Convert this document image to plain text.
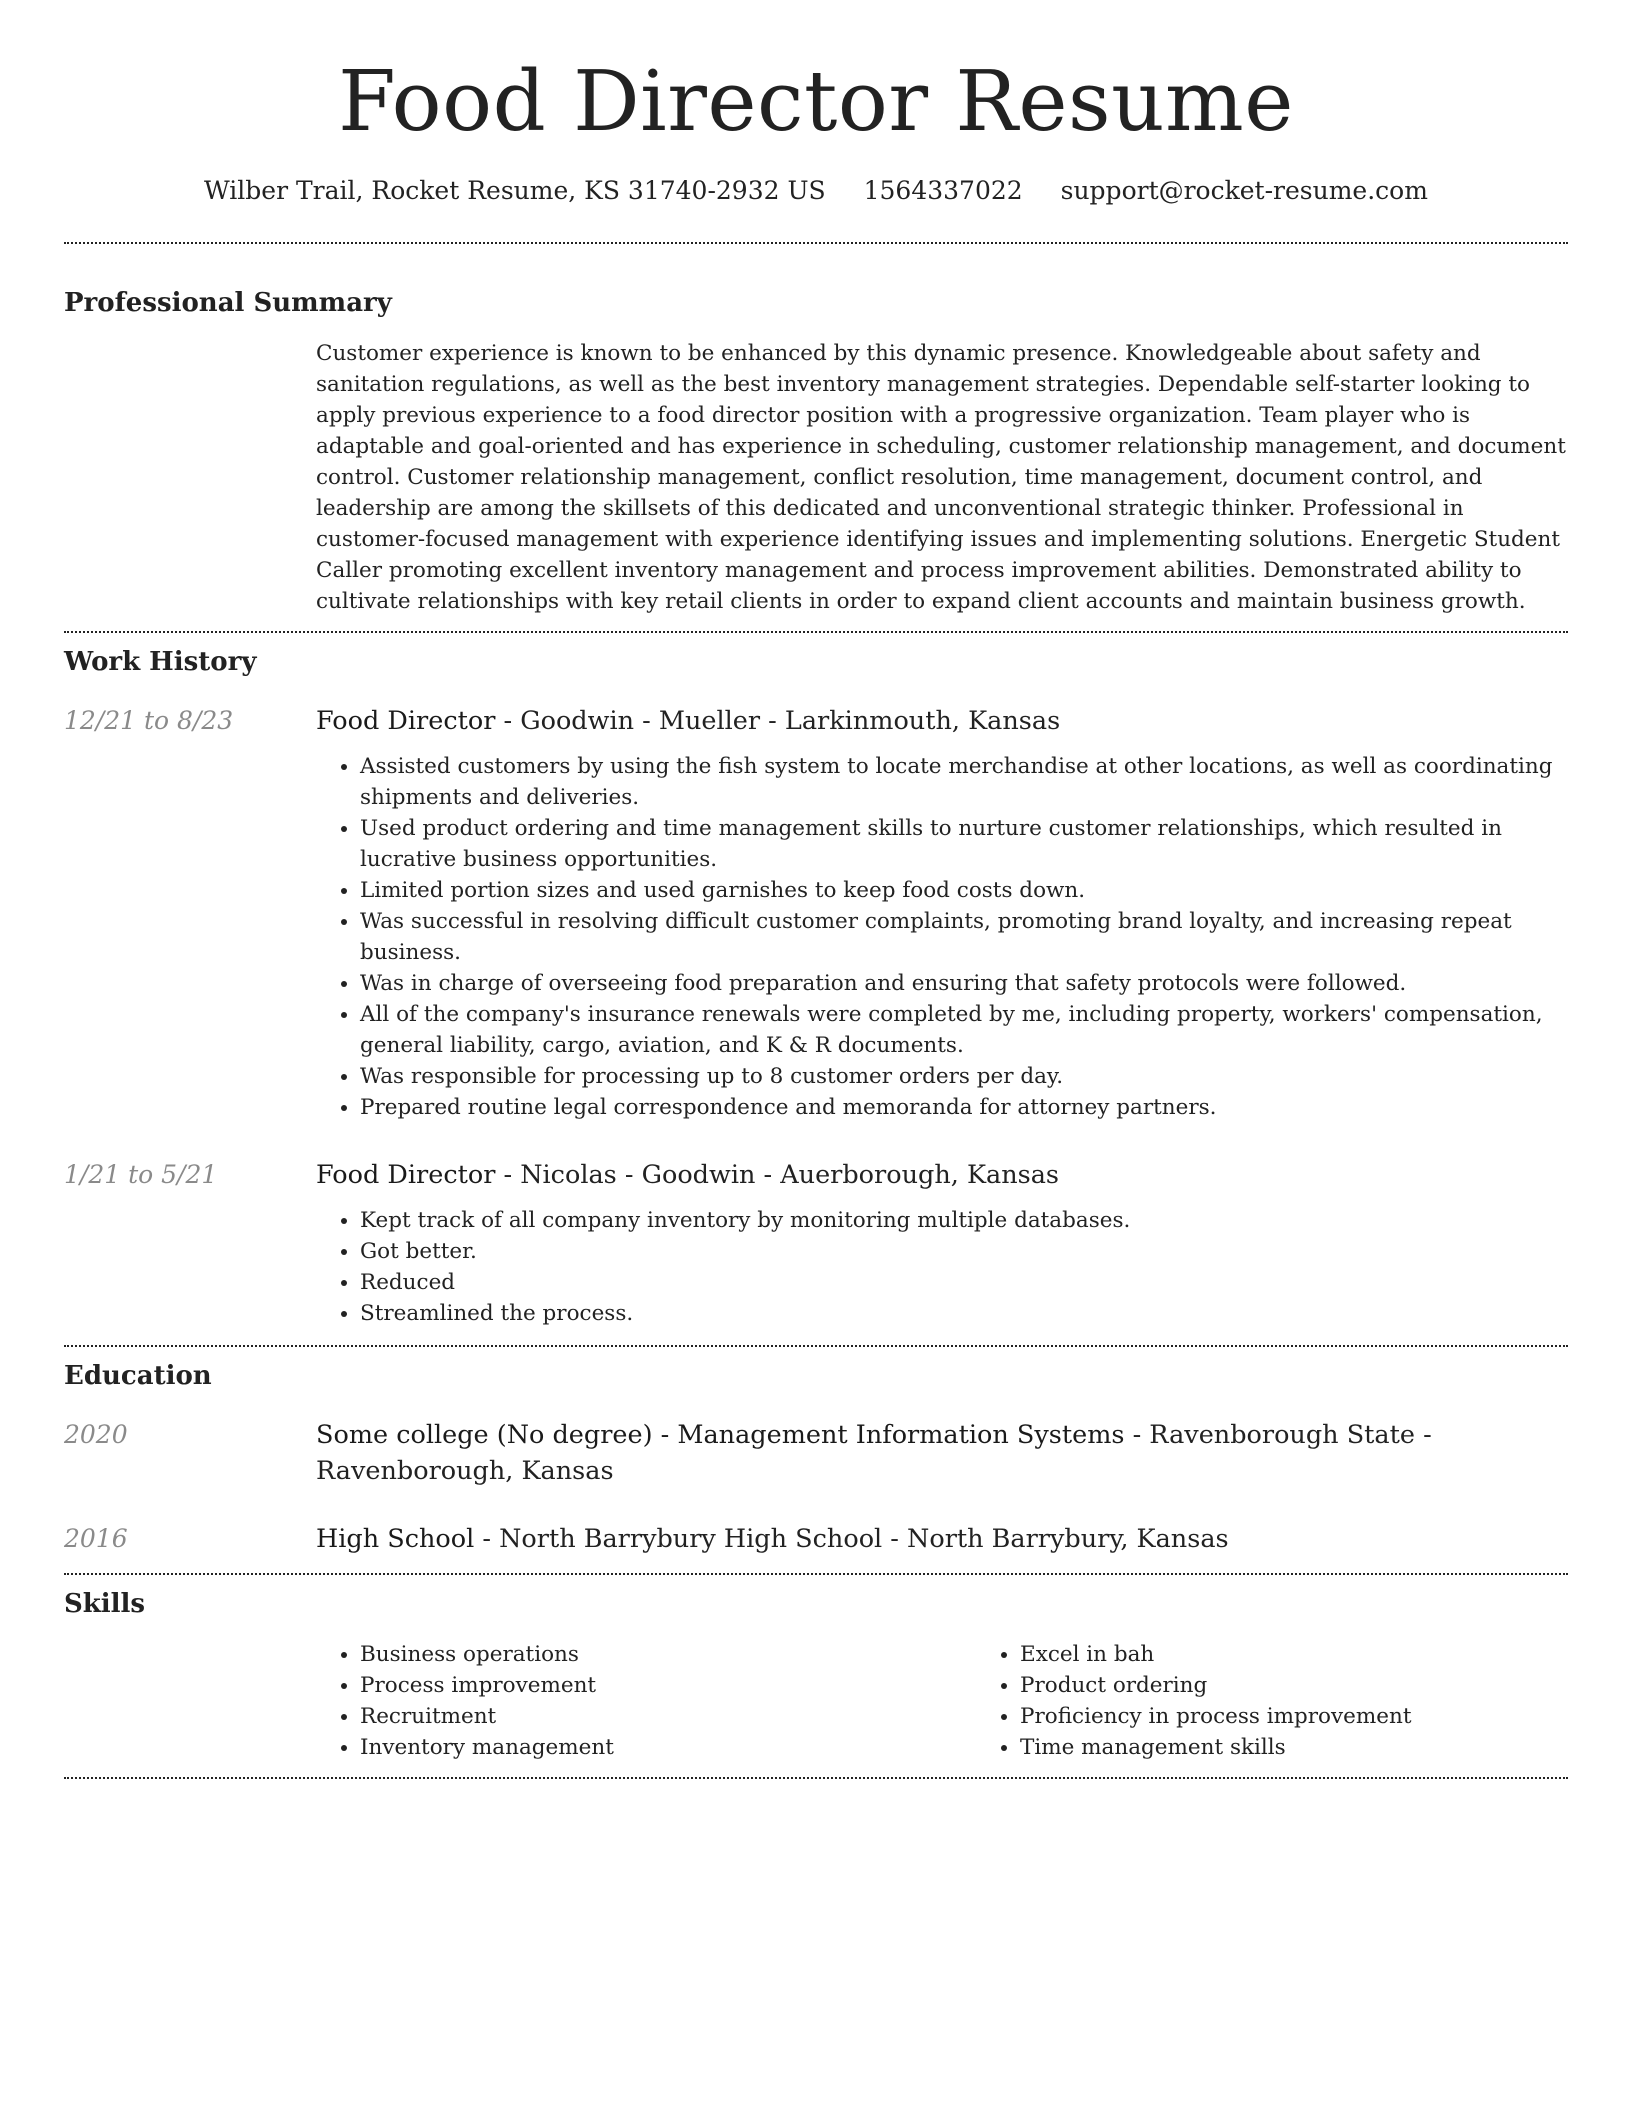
Food Director Resume
Wilber Trail, Rocket Resume, KS 31740-2932 US 1564337022 support@rocket-resume.com
Professional Summary
Customer experience is known to be enhanced by this dynamic presence. Knowledgeable about safety and sanitation regulations, as well as the best inventory management strategies. Dependable self-starter looking to apply previous experience to a food director position with a progressive organization. Team player who is adaptable and goal-oriented and has experience in scheduling, customer relationship management, and document control. Customer relationship management, conflict resolution, time management, document control, and leadership are among the skillsets of this dedicated and unconventional strategic thinker. Professional in customer-focused management with experience identifying issues and implementing solutions. Energetic Student Caller promoting excellent inventory management and process improvement abilities. Demonstrated ability to cultivate relationships with key retail clients in order to expand client accounts and maintain business growth.
Work History
12/21 to 8/23	Food Director - Goodwin - Mueller - Larkinmouth, Kansas
• Assisted customers by using the fish system to locate merchandise at other locations, as well as coordinating shipments and deliveries.
• Used product ordering and time management skills to nurture customer relationships, which resulted in lucrative business opportunities.
• Limited portion sizes and used garnishes to keep food costs down.
• Was successful in resolving difficult customer complaints, promoting brand loyalty, and increasing repeat business.
• Was in charge of overseeing food preparation and ensuring that safety protocols were followed.
• All of the company's insurance renewals were completed by me, including property, workers' compensation, general liability, cargo, aviation, and K & R documents.
• Was responsible for processing up to 8 customer orders per day.
• Prepared routine legal correspondence and memoranda for attorney partners.
1/21 to 5/21	Food Director - Nicolas - Goodwin - Auerborough, Kansas
• Kept track of all company inventory by monitoring multiple databases.
• Got better.
• Reduced
• Streamlined the process.
Education
2020	Some college (No degree) - Management Information Systems - Ravenborough State - Ravenborough, Kansas
2016	High School - North Barrybury High School - North Barrybury, Kansas
Skills
• Business operations
• Process improvement
• Recruitment
• Inventory management
• Excel in bah
• Product ordering
• Proficiency in process improvement
• Time management skills
